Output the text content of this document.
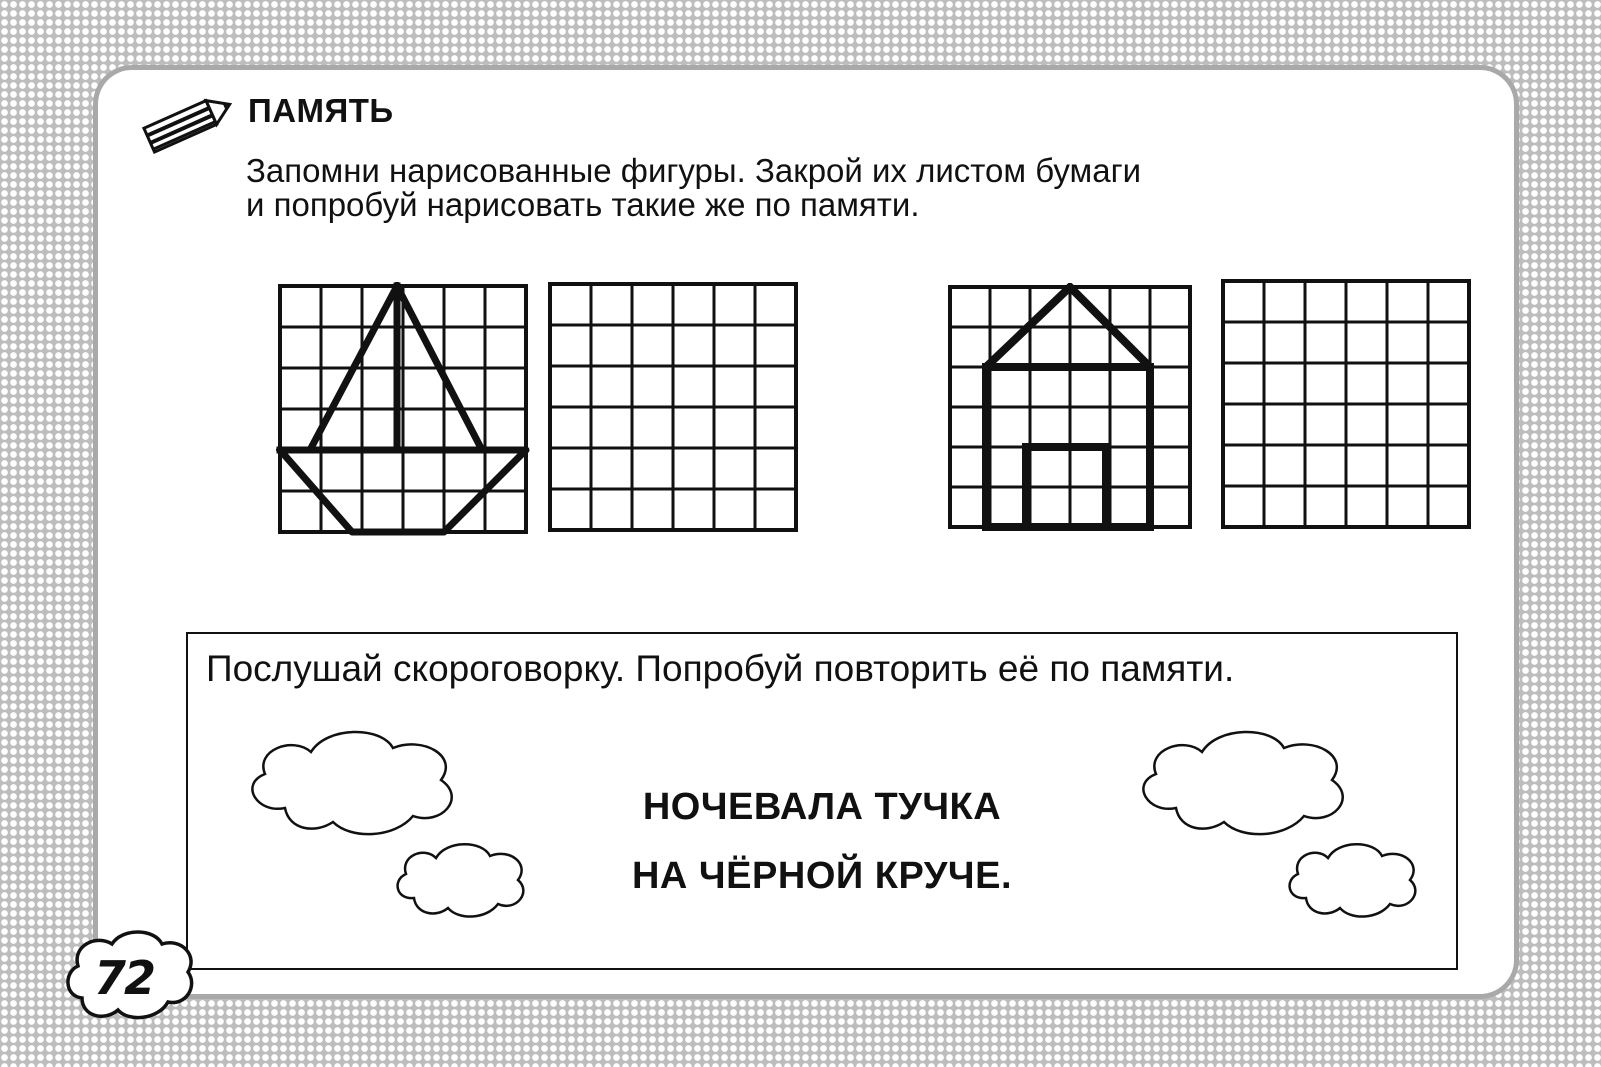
ПАМЯТЬ

Запомни нарисованные фигуры. Закрой их листом бумаги
и попробуй нарисовать такие же по памяти.

Послушай скороговорку. Попробуй повторить её по памяти.

НОЧЕВАЛА ТУЧКА

НА ЧЁРНОЙ КРУЧЕ.

72
